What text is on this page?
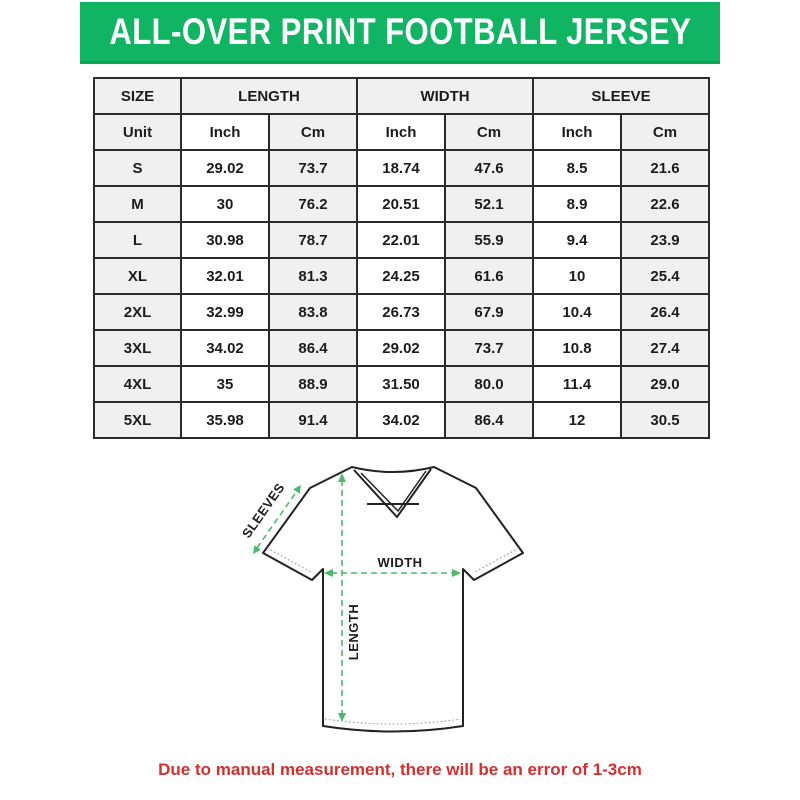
ALL-OVER PRINT FOOTBALL JERSEY
SIZE	LENGTH		WIDTH		SLEEVE	
Unit	Inch	Cm	Inch	Cm	Inch	Cm
S	29.02	73.7	18.74	47.6	8.5	21.6
M	30	76.2	20.51	52.1	8.9	22.6
L	30.98	78.7	22.01	55.9	9.4	23.9
XL	32.01	81.3	24.25	61.6	10	25.4
2XL	32.99	83.8	26.73	67.9	10.4	26.4
3XL	34.02	86.4	29.02	73.7	10.8	27.4
4XL	35	88.9	31.50	80.0	11.4	29.0
5XL	35.98	91.4	34.02	86.4	12	30.5
WIDTH
LENGTH
SLEEVES
Due to manual measurement, there will be an error of 1-3cm
